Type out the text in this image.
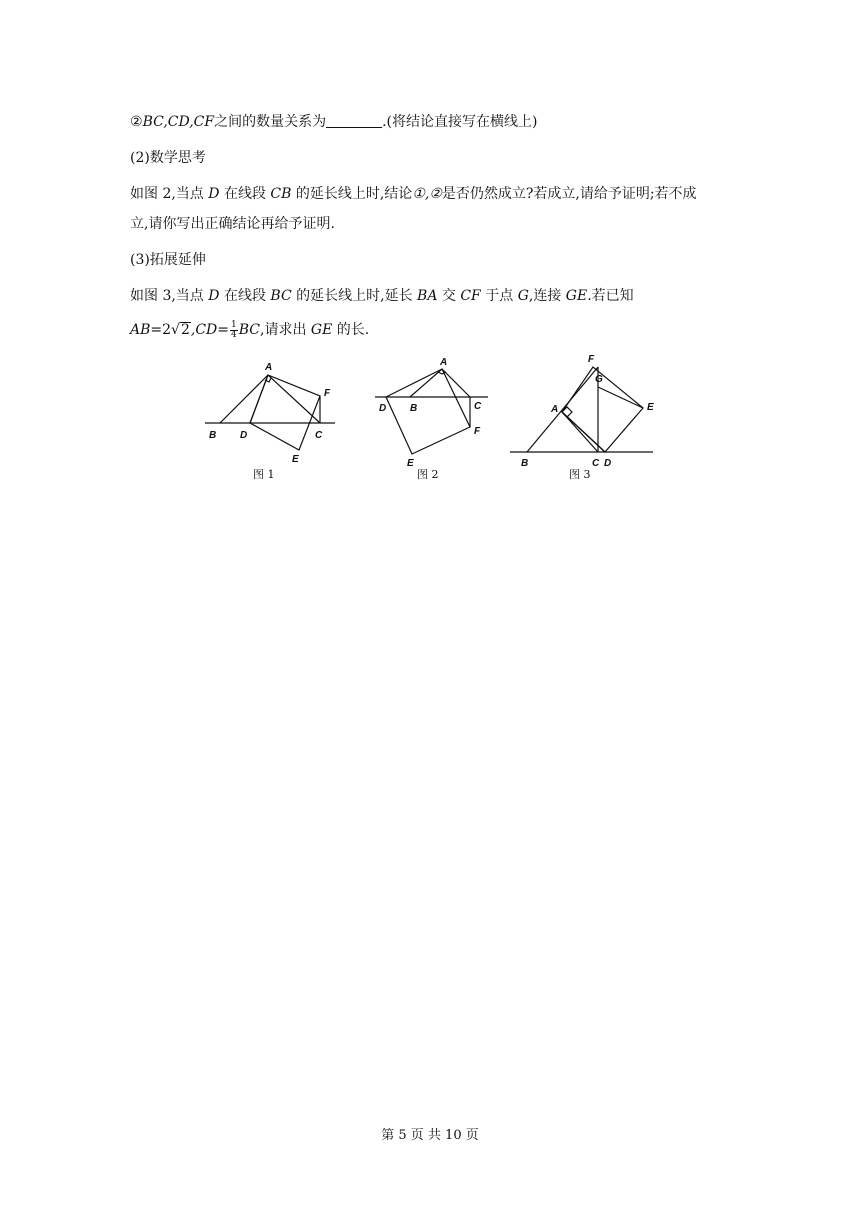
②BC,CD,CF之间的数量关系为	.(将结论直接写在横线上)
(2)数学思考
如图 2,当点 D 在线段 CB 的延长线上时,结论①,②是否仍然成立?若成立,请给予证明;若不成
立,请你写出正确结论再给予证明.
(3)拓展延伸
如图 3,当点 D 在线段 BC 的延长线上时,延长 BA 交 CF 于点 G,连接 GE.若已知
$AB=2√2,CD= \frac{1}{4}$ BC,请求出 GE 的长.
A
B D	C
F
E
图 1
A
D B	C
F
E
图 2
F
G
E
A
B	C D
图 3
第 5 页 共 10 页
